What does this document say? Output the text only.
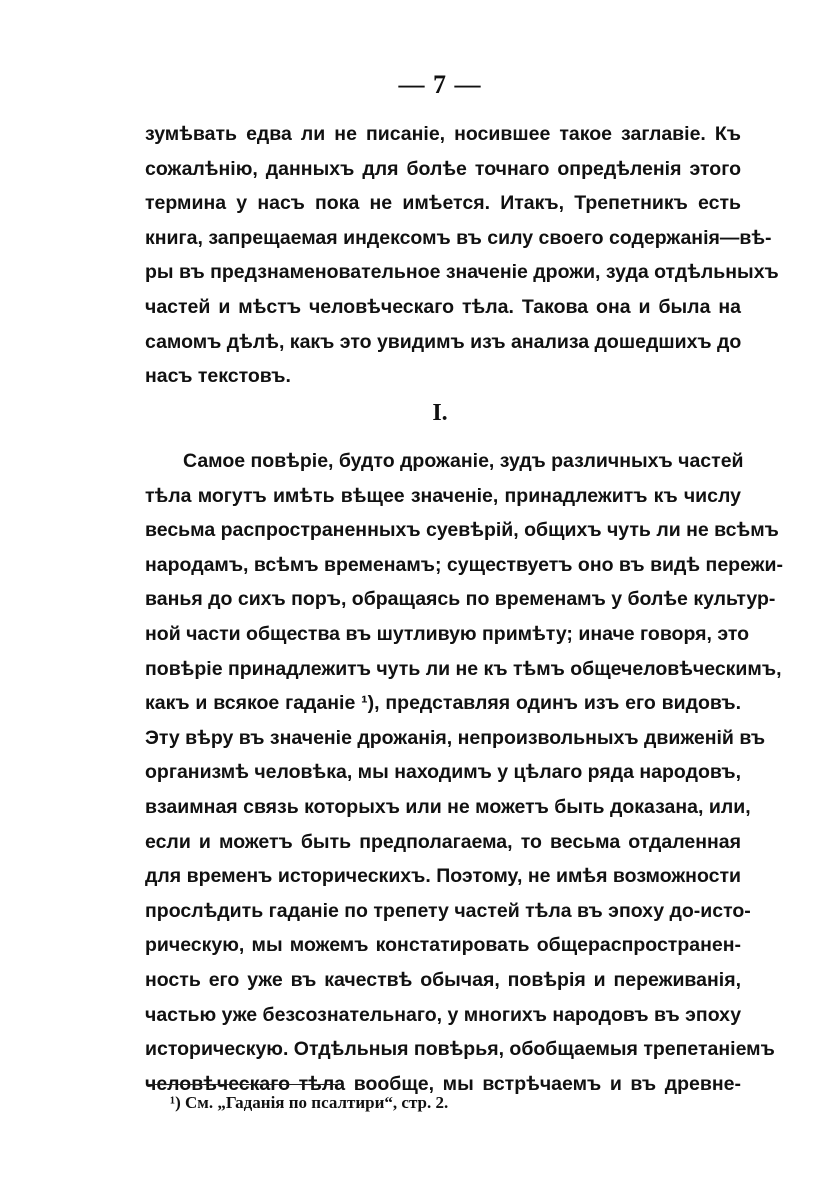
— 7 —
зумѣвать едва ли не писаніе, носившее такое заглавіе. Къ
сожалѣнію, данныхъ для болѣе точнаго опредѣленія этого
термина у насъ пока не имѣется. Итакъ, Трепетникъ есть
книга, запрещаемая индексомъ въ силу своего содержанія—вѣ-
ры въ предзнаменовательное значеніе дрожи, зуда отдѣльныхъ
частей и мѣстъ человѣческаго тѣла. Такова она и была на
самомъ дѣлѣ, какъ это увидимъ изъ анализа дошедшихъ до
насъ текстовъ.
I.
Самое повѣріе, будто дрожаніе, зудъ различныхъ частей
тѣла могутъ имѣть вѣщее значеніе, принадлежитъ къ числу
весьма распространенныхъ суевѣрій, общихъ чуть ли не всѣмъ
народамъ, всѣмъ временамъ; существуетъ оно въ видѣ пережи-
ванья до сихъ поръ, обращаясь по временамъ у болѣе культур-
ной части общества въ шутливую примѣту; иначе говоря, это
повѣріе принадлежитъ чуть ли не къ тѣмъ общечеловѣческимъ,
какъ и всякое гаданіе ¹), представляя одинъ изъ его видовъ.
Эту вѣру въ значеніе дрожанія, непроизвольныхъ движеній въ
организмѣ человѣка, мы находимъ у цѣлаго ряда народовъ,
взаимная связь которыхъ или не можетъ быть доказана, или,
если и можетъ быть предполагаема, то весьма отдаленная
для временъ историческихъ. Поэтому, не имѣя возможности
прослѣдить гаданіе по трепету частей тѣла въ эпоху до-исто-
рическую, мы можемъ констатировать общераспространен-
ность его уже въ качествѣ обычая, повѣрія и переживанія,
частью уже безсознательнаго, у многихъ народовъ въ эпоху
историческую. Отдѣльныя повѣрья, обобщаемыя трепетаніемъ
человѣческаго тѣла вообще, мы встрѣчаемъ и въ древне-
¹) См. „Гаданія по псалтири“, стр. 2.
